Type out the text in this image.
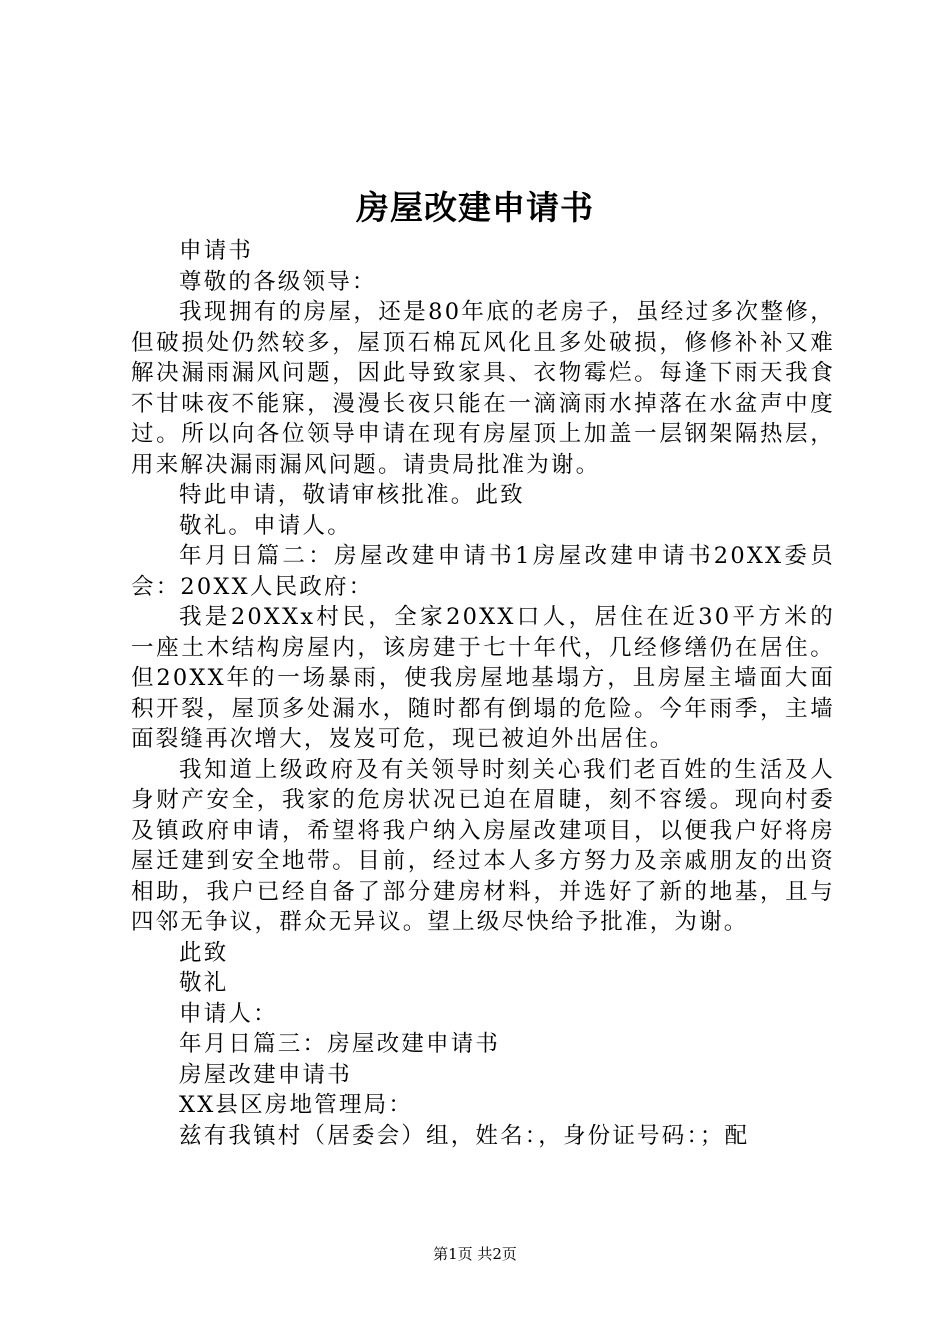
房屋改建申请书

申请书

尊敬的各级领导：

我现拥有的房屋，还是80年底的老房子，虽经过多次整修，但破损处仍然较多，屋顶石棉瓦风化且多处破损，修修补补又难解决漏雨漏风问题，因此导致家具、衣物霉烂。每逢下雨天我食不甘味夜不能寐，漫漫长夜只能在一滴滴雨水掉落在水盆声中度过。所以向各位领导申请在现有房屋顶上加盖一层钢架隔热层，用来解决漏雨漏风问题。请贵局批准为谢。

特此申请，敬请审核批准。此致

敬礼。申请人。

年月日篇二：房屋改建申请书1房屋改建申请书20XX委员会：20XX人民政府：

我是20XXx村民，全家20XX口人，居住在近30平方米的一座土木结构房屋内，该房建于七十年代，几经修缮仍在居住。但20XX年的一场暴雨，使我房屋地基塌方，且房屋主墙面大面积开裂，屋顶多处漏水，随时都有倒塌的危险。今年雨季，主墙面裂缝再次增大，岌岌可危，现已被迫外出居住。

我知道上级政府及有关领导时刻关心我们老百姓的生活及人身财产安全，我家的危房状况已迫在眉睫，刻不容缓。现向村委及镇政府申请，希望将我户纳入房屋改建项目，以便我户好将房屋迁建到安全地带。目前，经过本人多方努力及亲戚朋友的出资相助，我户已经自备了部分建房材料，并选好了新的地基，且与四邻无争议，群众无异议。望上级尽快给予批准，为谢。

此致

敬礼

申请人：

年月日篇三：房屋改建申请书

房屋改建申请书

XX县区房地管理局：

兹有我镇村（居委会）组，姓名：，身份证号码：；配

第1页 共2页
